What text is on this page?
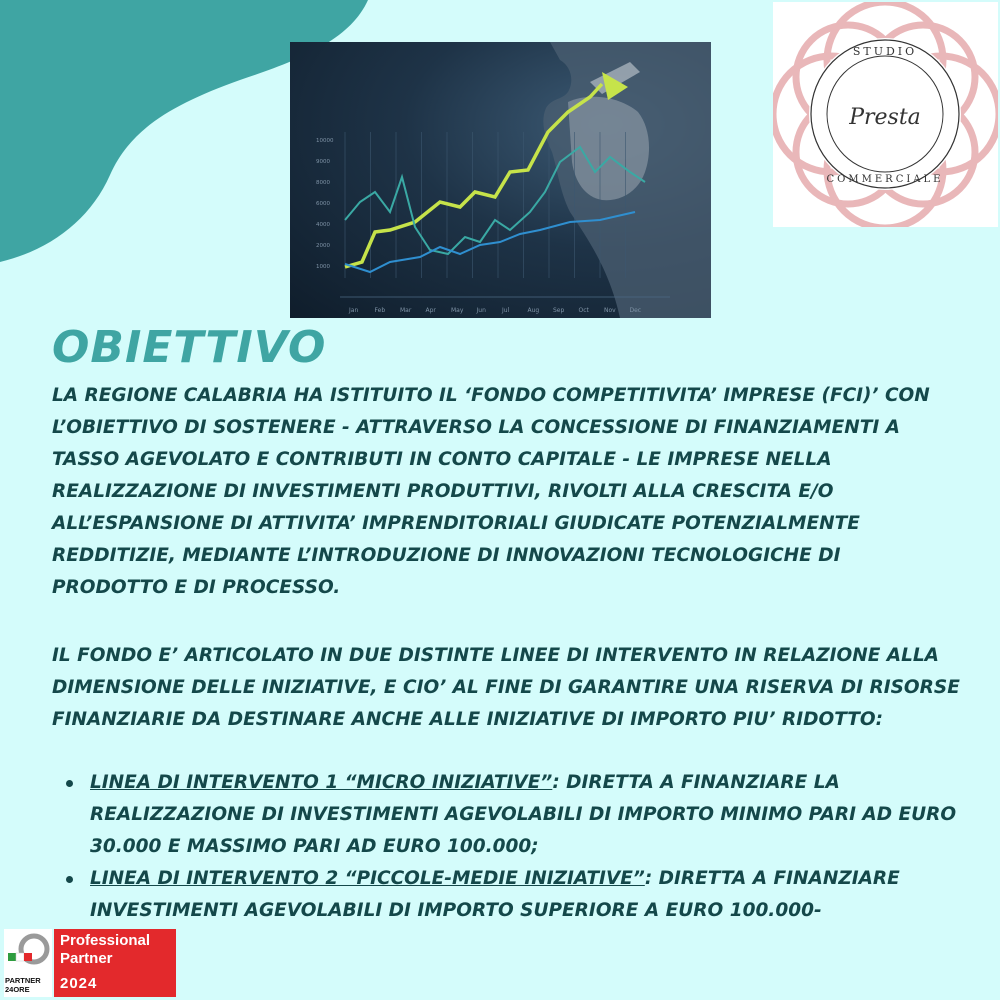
Jan	Feb Mar Apr	May Jun	Jul	Aug Sep Oct	Nov Dec
10000
9000
8000
6000
4000
2000
1000
STUDIO
Presta
COMMERCIALE
OBIETTIVO
LA REGIONE CALABRIA HA ISTITUITO IL ‘FONDO COMPETITIVITA’ IMPRESE (FCI)’ CON
L’OBIETTIVO DI SOSTENERE - ATTRAVERSO LA CONCESSIONE DI FINANZIAMENTI A
TASSO AGEVOLATO E CONTRIBUTI IN CONTO CAPITALE - LE IMPRESE NELLA
REALIZZAZIONE DI INVESTIMENTI PRODUTTIVI, RIVOLTI ALLA CRESCITA E/O
ALL’ESPANSIONE DI ATTIVITA’ IMPRENDITORIALI GIUDICATE POTENZIALMENTE
REDDITIZIE, MEDIANTE L’INTRODUZIONE DI INNOVAZIONI TECNOLOGICHE DI
PRODOTTO E DI PROCESSO.
IL FONDO E’ ARTICOLATO IN DUE DISTINTE LINEE DI INTERVENTO IN RELAZIONE ALLA
DIMENSIONE DELLE INIZIATIVE, E CIO’ AL FINE DI GARANTIRE UNA RISERVA DI RISORSE
FINANZIARIE DA DESTINARE ANCHE ALLE INIZIATIVE DI IMPORTO PIU’ RIDOTTO:
LINEA DI INTERVENTO 1 “MICRO INIZIATIVE”: DIRETTA A FINANZIARE LA
REALIZZAZIONE DI INVESTIMENTI AGEVOLABILI DI IMPORTO MINIMO PARI AD EURO
30.000 E MASSIMO PARI AD EURO 100.000;
LINEA DI INTERVENTO 2 “PICCOLE-MEDIE INIZIATIVE”: DIRETTA A FINANZIARE
INVESTIMENTI AGEVOLABILI DI IMPORTO SUPERIORE A EURO 100.000-
PARTNER 24ORE
Professional
Partner
2024
